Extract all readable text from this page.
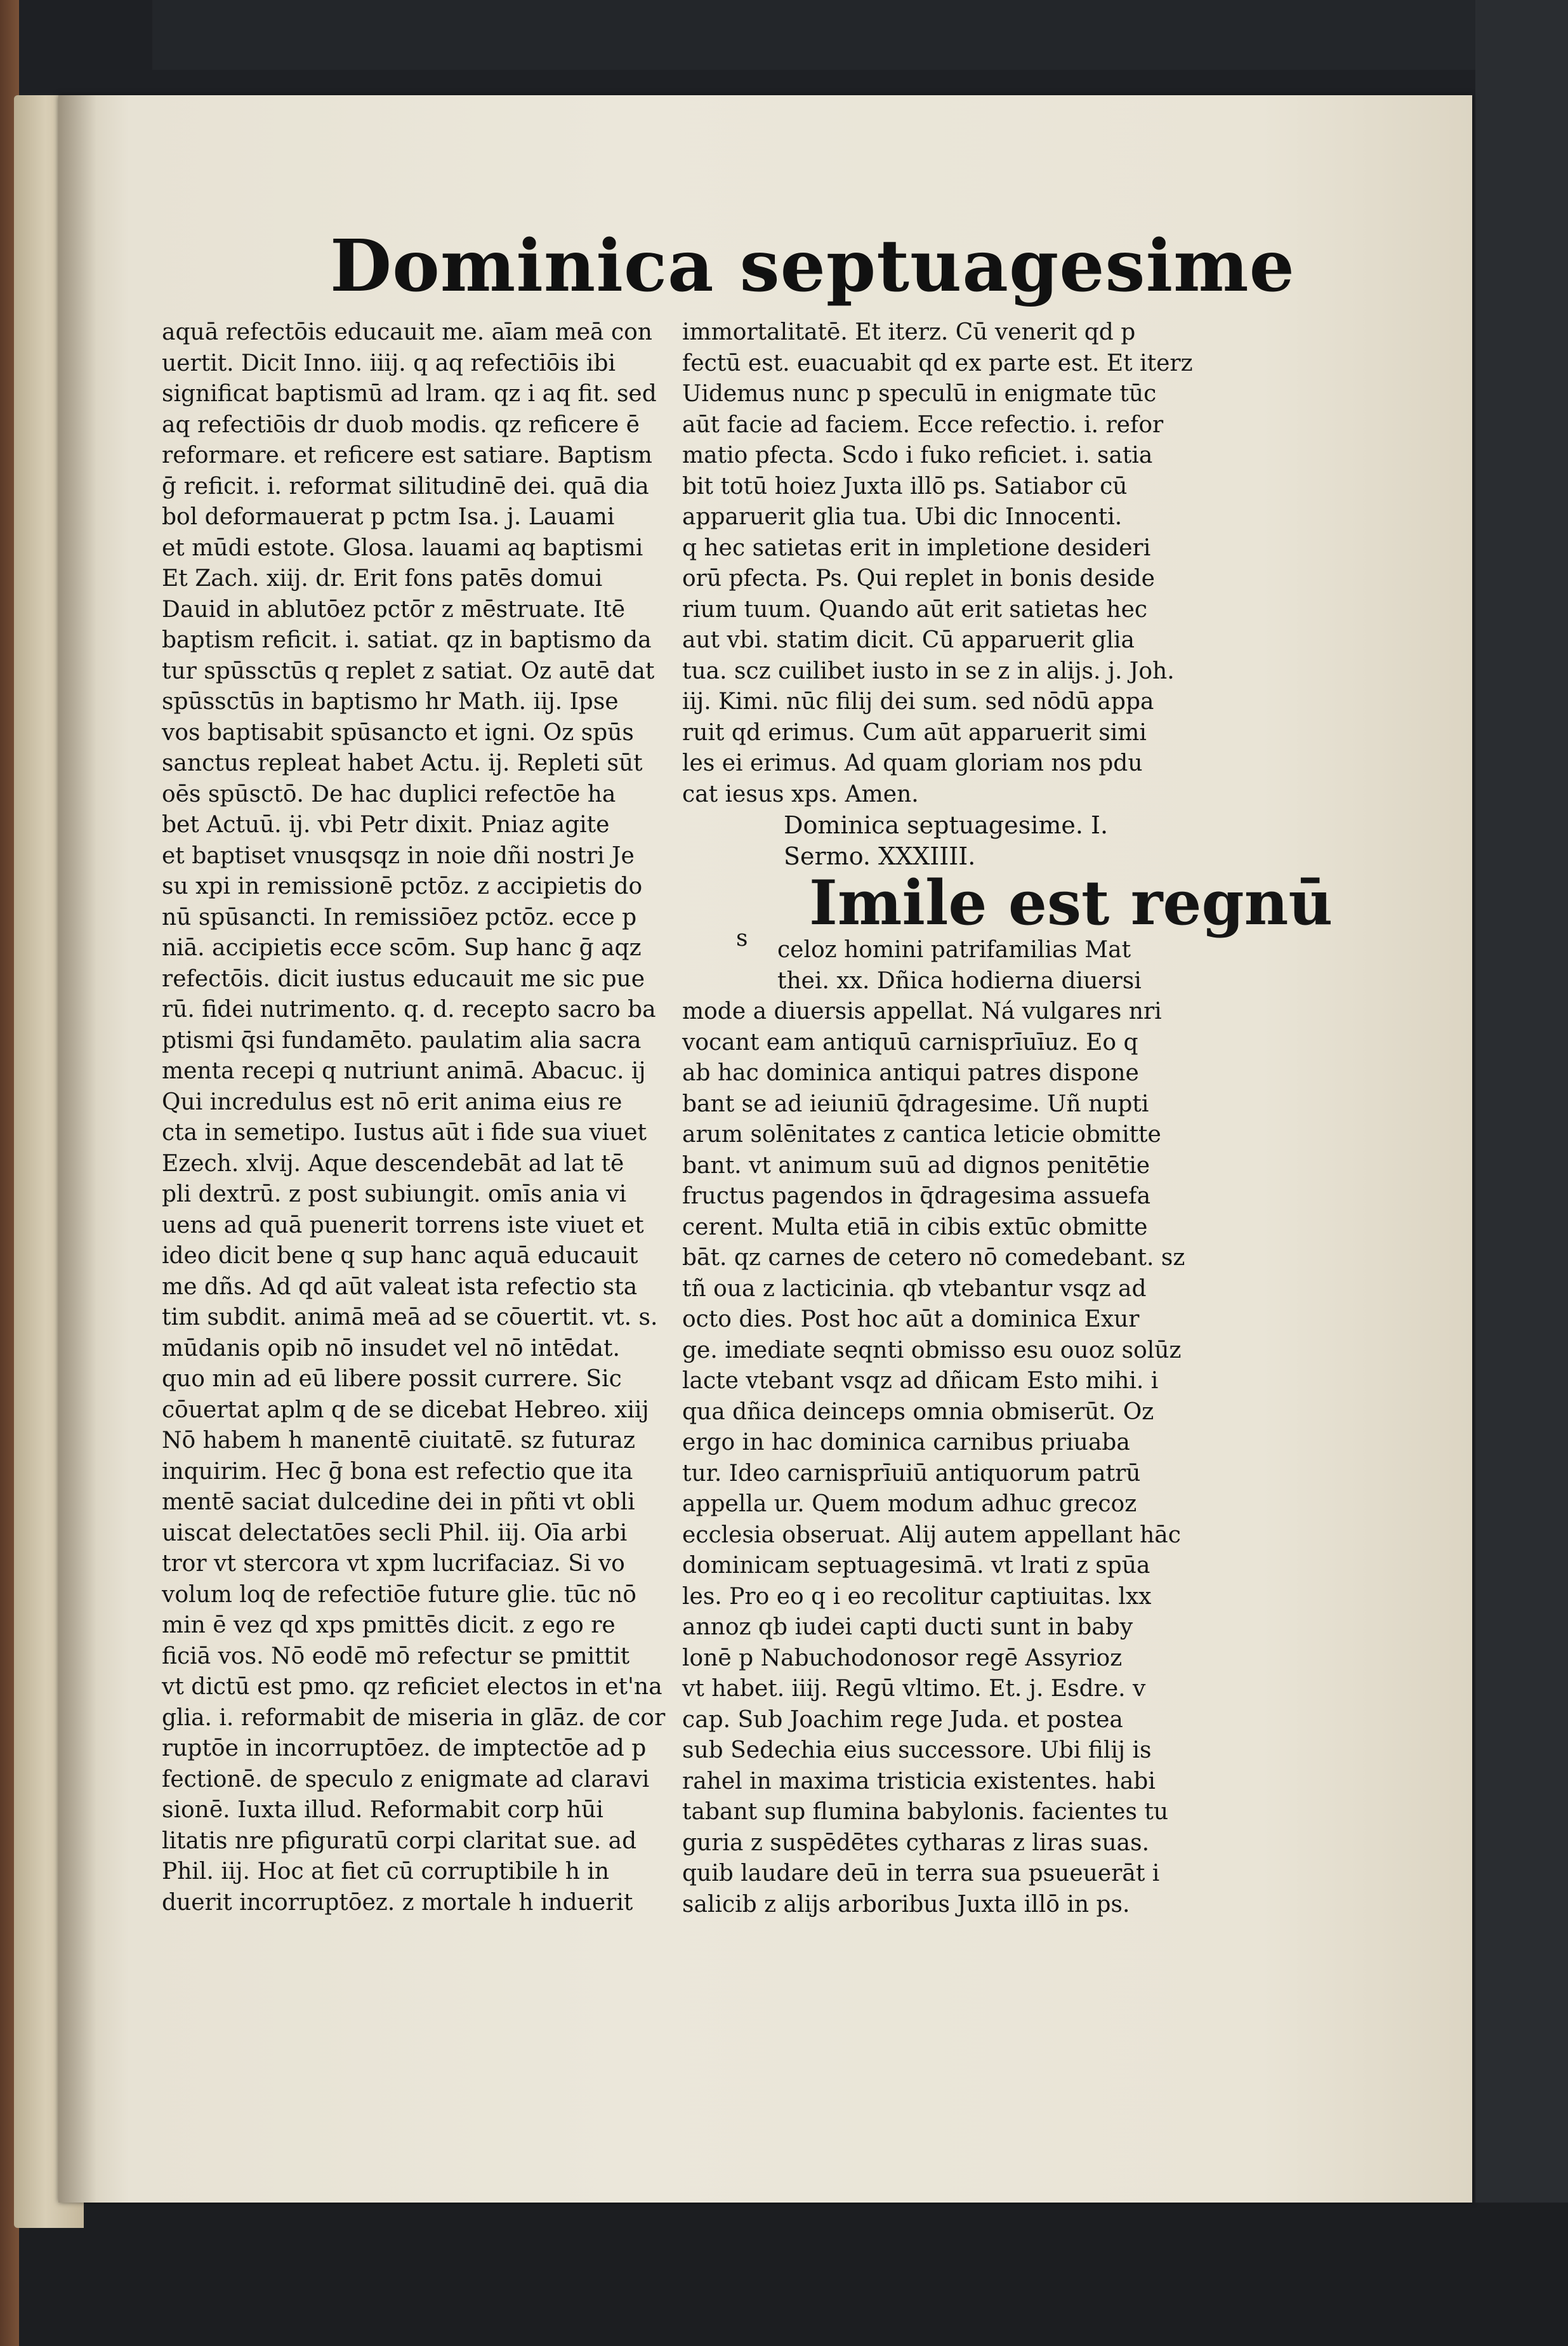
Dominica septuagesime
aquā refectōis educauit me. aīam meā con
uertit. Dicit Inno. iiij. q aq refectiōis ibi
significat baptismū ad lram. qz i aq fit. sed
aq refectiōis dr duob modis. qz reficere ē
reformare. et reficere est satiare. Baptism
ḡ reficit. i. reformat silitudinē dei. quā dia
bol deformauerat p pctm Isa. j. Lauami
et mūdi estote. Glosa. lauami aq baptismi
Et Zach. xiij. dr. Erit fons patēs domui
Dauid in ablutōez pctōr z mēstruate. Itē
baptism reficit. i. satiat. qz in baptismo da
tur spūssctūs q replet z satiat. Oz autē dat
spūssctūs in baptismo hr Math. iij. Ipse
vos baptisabit spūsancto et igni. Oz spūs
sanctus repleat habet Actu. ij. Repleti sūt
oēs spūsctō. De hac duplici refectōe ha
bet Actuū. ij. vbi Petr dixit. Pniaz agite
et baptiset vnusqsqz in noie dñi nostri Je
su xpi in remissionē pctōz. z accipietis do
nū spūsancti. In remissiōez pctōz. ecce p
niā. accipietis ecce scōm. Sup hanc ḡ aqz
refectōis. dicit iustus educauit me sic pue
rū. fidei nutrimento. q. d. recepto sacro ba
ptismi q̄si fundamēto. paulatim alia sacra
menta recepi q nutriunt animā. Abacuc. ij
Qui incredulus est nō erit anima eius re
cta in semetipo. Iustus aūt i fide sua viuet
Ezech. xlvij. Aque descendebāt ad lat tē
pli dextrū. z post subiungit. omīs ania vi
uens ad quā puenerit torrens iste viuet et
ideo dicit bene q sup hanc aquā educauit
me dñs. Ad qd aūt valeat ista refectio sta
tim subdit. animā meā ad se cōuertit. vt. s.
mūdanis opib nō insudet vel nō intēdat.
quo min ad eū libere possit currere. Sic
cōuertat aplm q de se dicebat Hebreo. xiij
Nō habem h manentē ciuitatē. sz futuraz
inquirim. Hec ḡ bona est refectio que ita
mentē saciat dulcedine dei in pñti vt obli
uiscat delectatōes secli Phil. iij. Oīa arbi
tror vt stercora vt xpm lucrifaciaz. Si vo
volum loq de refectiōe future glie. tūc nō
min ē vez qd xps pmittēs dicit. z ego re
ficiā vos. Nō eodē mō refectur se pmittit
vt dictū est pmo. qz reficiet electos in et'na
glia. i. reformabit de miseria in glāz. de cor
ruptōe in incorruptōez. de imptectōe ad p
fectionē. de speculo z enigmate ad claravi
sionē. Iuxta illud. Reformabit corp hūi
litatis nre pfiguratū corpi claritat sue. ad
Phil. iij. Hoc at fiet cū corruptibile h in
duerit incorruptōez. z mortale h induerit
immortalitatē. Et iterz. Cū venerit qd p
fectū est. euacuabit qd ex parte est. Et iterz
Uidemus nunc p speculū in enigmate tūc
aūt facie ad faciem. Ecce refectio. i. refor
matio pfecta. Scdo i fuko reficiet. i. satia
bit totū hoiez Juxta illō ps. Satiabor cū
apparuerit glia tua. Ubi dic Innocenti.
q hec satietas erit in impletione desideri
orū pfecta. Ps. Qui replet in bonis deside
rium tuum. Quando aūt erit satietas hec
aut vbi. statim dicit. Cū apparuerit glia
tua. scz cuilibet iusto in se z in alijs. j. Joh.
iij. Kimi. nūc filij dei sum. sed nōdū appa
ruit qd erimus. Cum aūt apparuerit simi
les ei erimus. Ad quam gloriam nos pdu
cat iesus xps. Amen.
Dominica septuagesime. I.
Sermo. XXXIIII.
Imile est regnū
celoz homini patrifamilias Mat
thei. xx. Dñica hodierna diuersi
mode a diuersis appellat. Ná vulgares nri
vocant eam antiquū carnisprīuīuz. Eo q
ab hac dominica antiqui patres dispone
bant se ad ieiuniū q̄dragesime. Uñ nupti
arum solēnitates z cantica leticie obmitte
bant. vt animum suū ad dignos penitētie
fructus pagendos in q̄dragesima assuefa
cerent. Multa etiā in cibis extūc obmitte
bāt. qz carnes de cetero nō comedebant. sz
tñ oua z lacticinia. qb vtebantur vsqz ad
octo dies. Post hoc aūt a dominica Exur
ge. imediate seqnti obmisso esu ouoz solūz
lacte vtebant vsqz ad dñicam Esto mihi. i
qua dñica deinceps omnia obmiserūt. Oz
ergo in hac dominica carnibus priuaba
tur. Ideo carnisprīuiū antiquorum patrū
appella ur. Quem modum adhuc grecoz
ecclesia obseruat. Alij autem appellant hāc
dominicam septuagesimā. vt lrati z spūa
les. Pro eo q i eo recolitur captiuitas. lxx
annoz qb iudei capti ducti sunt in baby
lonē p Nabuchodonosor regē Assyrioz
vt habet. iiij. Regū vltimo. Et. j. Esdre. v
cap. Sub Joachim rege Juda. et postea
sub Sedechia eius successore. Ubi filij is
rahel in maxima tristicia existentes. habi
tabant sup flumina babylonis. facientes tu
guria z suspēdētes cytharas z liras suas.
quib laudare deū in terra sua psueuerāt i
salicib z alijs arboribus Juxta illō in ps.
s
